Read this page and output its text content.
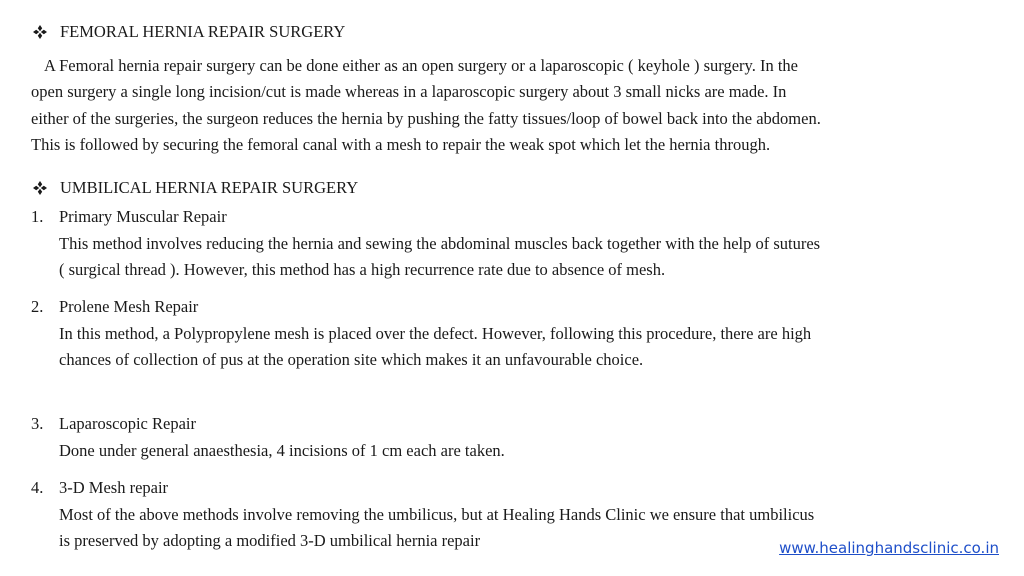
FEMORAL HERNIA REPAIR SURGERY
A Femoral hernia repair surgery can be done either as an open surgery or a laparoscopic ( keyhole ) surgery. In the
open surgery a single long incision/cut is made whereas in a laparoscopic surgery about 3 small nicks are made. In
either of the surgeries, the surgeon reduces the hernia by pushing the fatty tissues/loop of bowel back into the abdomen.
This is followed by securing the femoral canal with a mesh to repair the weak spot which let the hernia through.
UMBILICAL HERNIA REPAIR SURGERY
1. Primary Muscular Repair
This method involves reducing the hernia and sewing the abdominal muscles back together with the help of sutures
( surgical thread ). However, this method has a high recurrence rate due to absence of mesh.
2. Prolene Mesh Repair
In this method, a Polypropylene mesh is placed over the defect. However, following this procedure, there are high
chances of collection of pus at the operation site which makes it an unfavourable choice.
3. Laparoscopic Repair
Done under general anaesthesia, 4 incisions of 1 cm each are taken.
4. 3-D Mesh repair
Most of the above methods involve removing the umbilicus, but at Healing Hands Clinic we ensure that umbilicus
is preserved by adopting a modified 3-D umbilical hernia repair	www.healinghandsclinic.co.in
